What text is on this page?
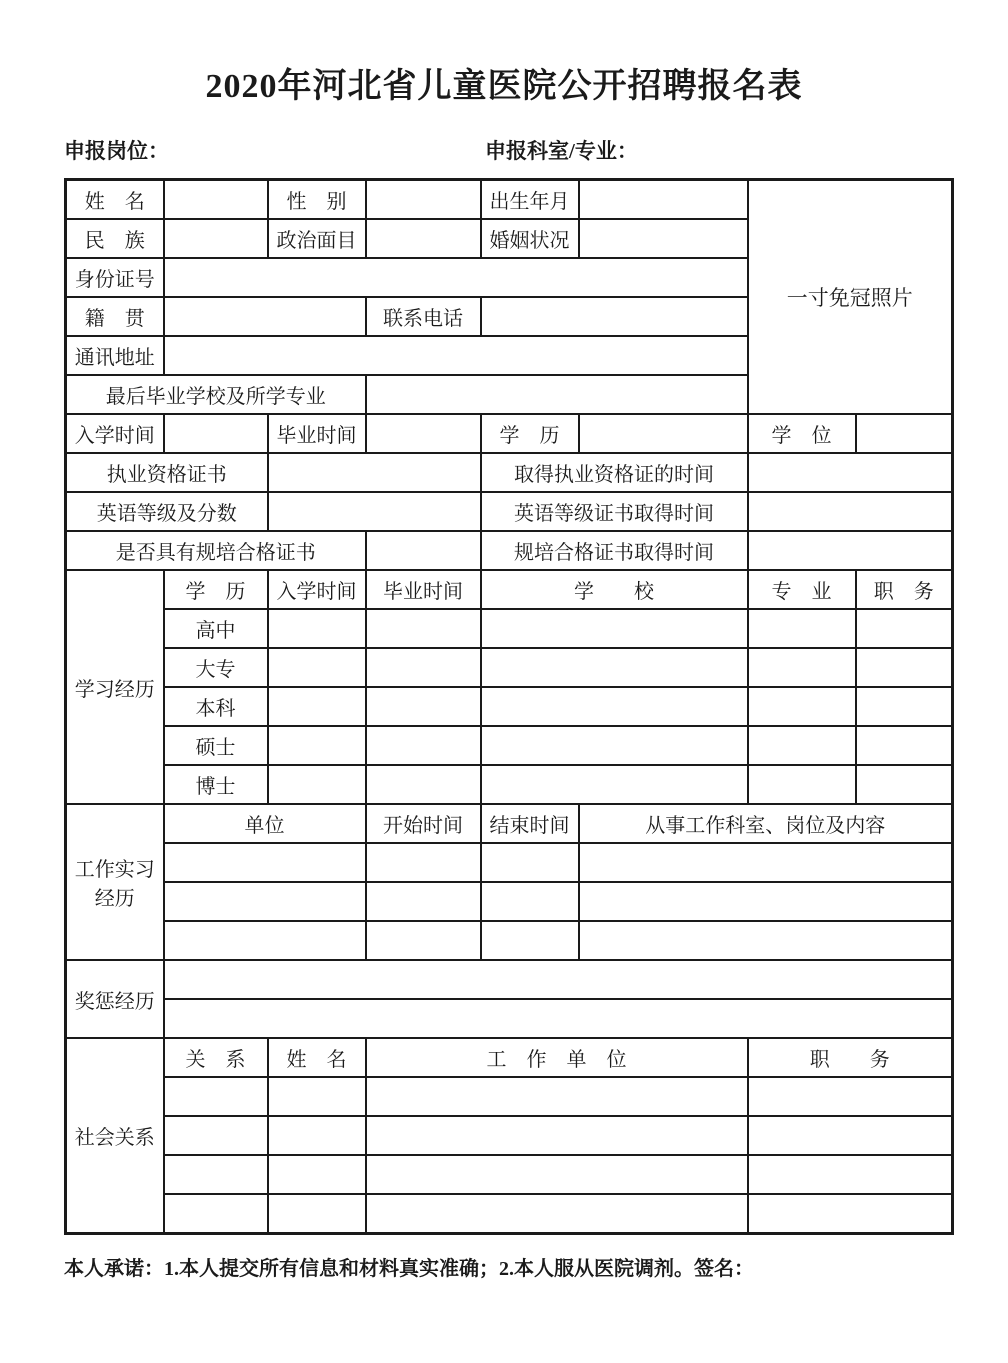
2020年河北省儿童医院公开招聘报名表
申报岗位：	申报科室/专业：
姓　名		性　别		出生年月		一寸免冠照片	
民　族		政治面目		婚姻状况			
身份证号							
籍　贯			联系电话				
通讯地址							
最后毕业学校及所学专业							
入学时间		毕业时间		学　历		学　位	
执业资格证书				取得执业资格证的时间			
英语等级及分数				英语等级证书取得时间			
是否具有规培合格证书				规培合格证书取得时间			
学习经历	学　历	入学时间	毕业时间	学　　校		专　业	职　务
	高中						
	大专						
	本科						
	硕士						
	博士						

工作实习
经历	单位		开始时间	结束时间	从事工作科室、岗位及内容		

奖惩经历							

社会关系	关　系	姓　名	工　作　单　位			职　　务	

本人承诺：1.本人提交所有信息和材料真实准确；2.本人服从医院调剂。签名：
